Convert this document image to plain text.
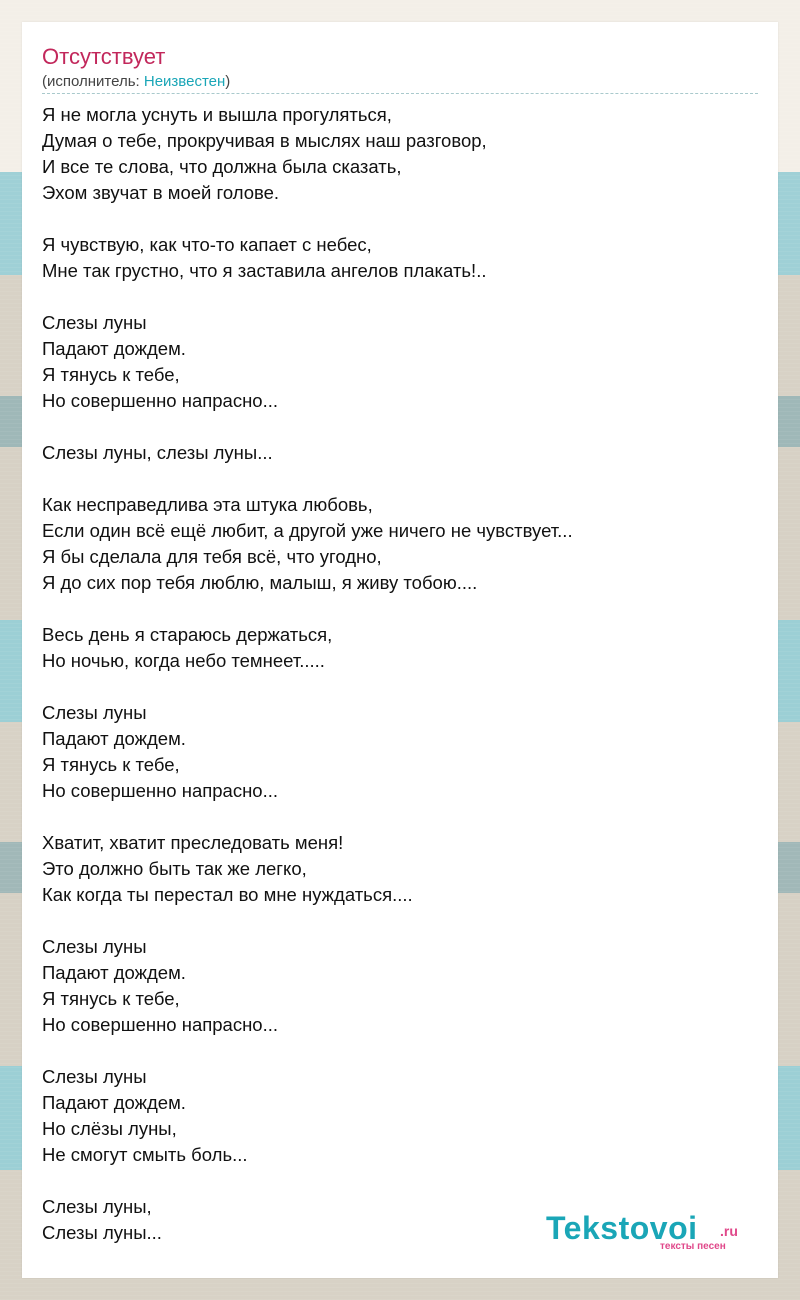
Отсутствует
(исполнитель: Неизвестен)
Я не могла уснуть и вышла прогуляться,
Думая о тебе, прокручивая в мыслях наш разговор,
И все те слова, что должна была сказать,
Эхом звучат в моей голове.
Я чувствую, как что-то капает с небес,
Мне так грустно, что я заставила ангелов плакать!..
Слезы луны
Падают дождем.
Я тянусь к тебе,
Но совершенно напрасно...
Слезы луны, слезы луны...
Как несправедлива эта штука любовь,
Если один всё ещё любит, а другой уже ничего не чувствует...
Я бы сделала для тебя всё, что угодно,
Я до сих пор тебя люблю, малыш, я живу тобою....
Весь день я стараюсь держаться,
Но ночью, когда небо темнеет.....
Слезы луны
Падают дождем.
Я тянусь к тебе,
Но совершенно напрасно...
Хватит, хватит преследовать меня!
Это должно быть так же легко,
Как когда ты перестал во мне нуждаться....
Слезы луны
Падают дождем.
Я тянусь к тебе,
Но совершенно напрасно...
Слезы луны
Падают дождем.
Но слёзы луны,
Не смогут смыть боль...
Слезы луны,
Слезы луны...	Tekstovoi .ru
тексты песен
